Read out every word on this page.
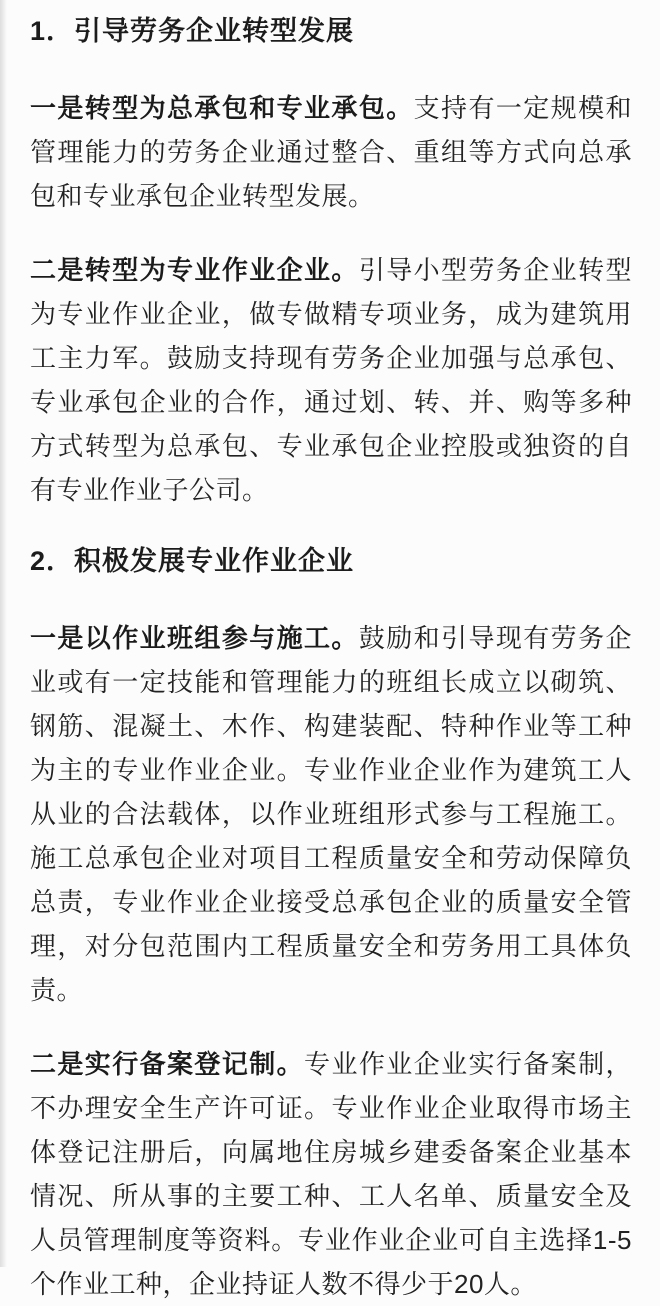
1．引导劳务企业转型发展

一是转型为总承包和专业承包。支持有一定规模和管理能力的劳务企业通过整合、重组等方式向总承包和专业承包企业转型发展。

二是转型为专业作业企业。引导小型劳务企业转型为专业作业企业，做专做精专项业务，成为建筑用工主力军。鼓励支持现有劳务企业加强与总承包、专业承包企业的合作，通过划、转、并、购等多种方式转型为总承包、专业承包企业控股或独资的自有专业作业子公司。

2．积极发展专业作业企业

一是以作业班组参与施工。鼓励和引导现有劳务企业或有一定技能和管理能力的班组长成立以砌筑、钢筋、混凝土、木作、构建装配、特种作业等工种为主的专业作业企业。专业作业企业作为建筑工人从业的合法载体，以作业班组形式参与工程施工。施工总承包企业对项目工程质量安全和劳动保障负总责，专业作业企业接受总承包企业的质量安全管理，对分包范围内工程质量安全和劳务用工具体负责。

二是实行备案登记制。专业作业企业实行备案制，不办理安全生产许可证。专业作业企业取得市场主体登记注册后，向属地住房城乡建委备案企业基本情况、所从事的主要工种、工人名单、质量安全及人员管理制度等资料。专业作业企业可自主选择1-5个作业工种，企业持证人数不得少于20人。
